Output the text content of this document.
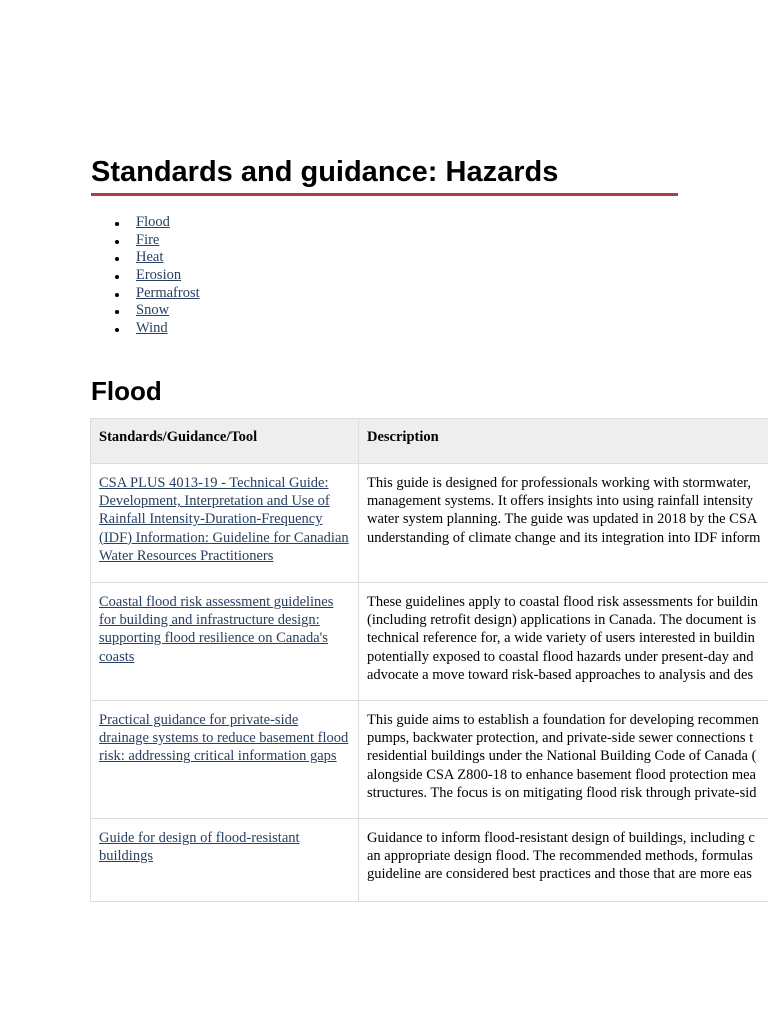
Standards and guidance: Hazards
Flood
Fire
Heat
Erosion
Permafrost
Snow
Wind
Flood
Standards/Guidance/Tool	Description
CSA PLUS 4013-19 - Technical Guide: Development, Interpretation and Use of Rainfall Intensity-Duration-Frequency (IDF) Information: Guideline for Canadian Water Resources Practitioners	This guide is designed for professionals working with stormwater,
management systems. It offers insights into using rainfall intensity
water system planning. The guide was updated in 2018 by the CSA
understanding of climate change and its integration into IDF inform

Coastal flood risk assessment guidelines for building and infrastructure design: supporting flood resilience on Canada's coasts	These guidelines apply to coastal flood risk assessments for buildin
(including retrofit design) applications in Canada. The document is
technical reference for, a wide variety of users interested in buildin
potentially exposed to coastal flood hazards under present-day and
advocate a move toward risk-based approaches to analysis and des

Practical guidance for private-side drainage systems to reduce basement flood risk: addressing critical information gaps	This guide aims to establish a foundation for developing recommen
pumps, backwater protection, and private-side sewer connections t
residential buildings under the National Building Code of Canada (
alongside CSA Z800-18 to enhance basement flood protection mea
structures. The focus is on mitigating flood risk through private-sid

Guide for design of flood-resistant buildings	Guidance to inform flood-resistant design of buildings, including c
an appropriate design flood. The recommended methods, formulas
guideline are considered best practices and those that are more eas
